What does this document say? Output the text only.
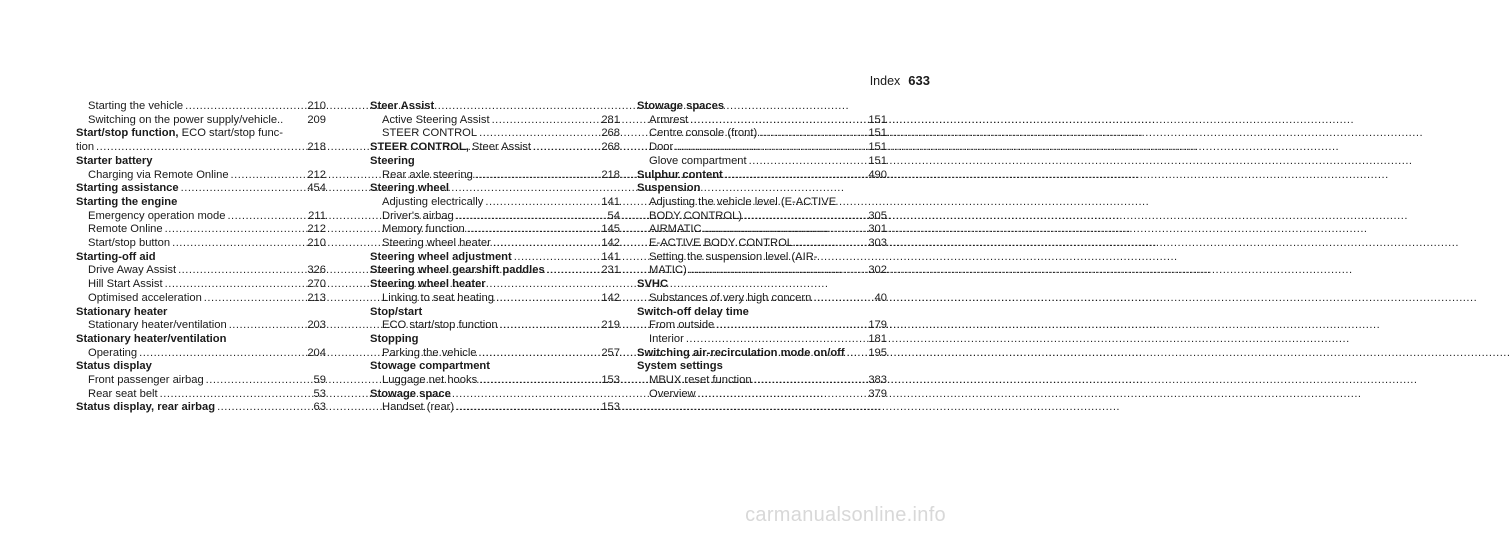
Index 633
Starting the vehicle .....	210
Switching on the power supply/vehicle.. 209
Start/stop function, ECO start/stop func-
tion .....	218
Starter battery
Charging via Remote Online .....	212
Starting assistance .....	454
Starting the engine
Emergency operation mode .....	211
Remote Online .....	212
Start/stop button .....	210
Starting-off aid
Drive Away Assist .....	326
Hill Start Assist .....	270
Optimised acceleration .....	213
Stationary heater
Stationary heater/ventilation .....	203
Stationary heater/ventilation
Operating .....	204
Status display
Front passenger airbag .....	59
Rear seat belt .....	53
Status display, rear airbag .....	63
Steer Assist
Active Steering Assist .....	281
STEER CONTROL .....	268
STEER CONTROL, Steer Assist .....	268
Steering
Rear axle steering .....	218
Steering wheel
Adjusting electrically .....	141
Driver's airbag .....	54
Memory function .....	145
Steering wheel heater .....	142
Steering wheel adjustment .....	141
Steering wheel gearshift paddles .....	231
Steering wheel heater
Linking to seat heating .....	142
Stop/start
ECO start/stop function .....	219
Stopping
Parking the vehicle .....	257
Stowage compartment
Luggage net hooks .....	153
Stowage space
Handset (rear) .....	153
Stowage spaces
Armrest .....	151
Centre console (front) .....	151
Door .....	151
Glove compartment .....	151
Sulphur content .....	490
Suspension
Adjusting the vehicle level (E-ACTIVE
BODY CONTROL) .....	305
AIRMATIC .....	301
E-ACTIVE BODY CONTROL .....	303
Setting the suspension level (AIR-
MATIC) .....	302
SVHC
Substances of very high concern .....	40
Switch-off delay time
From outside .....	179
Interior .....	181
Switching air-recirculation mode on/off ..... 195
System settings
MBUX reset function .....	383
Overview .....	379
carmanualsonline.info
